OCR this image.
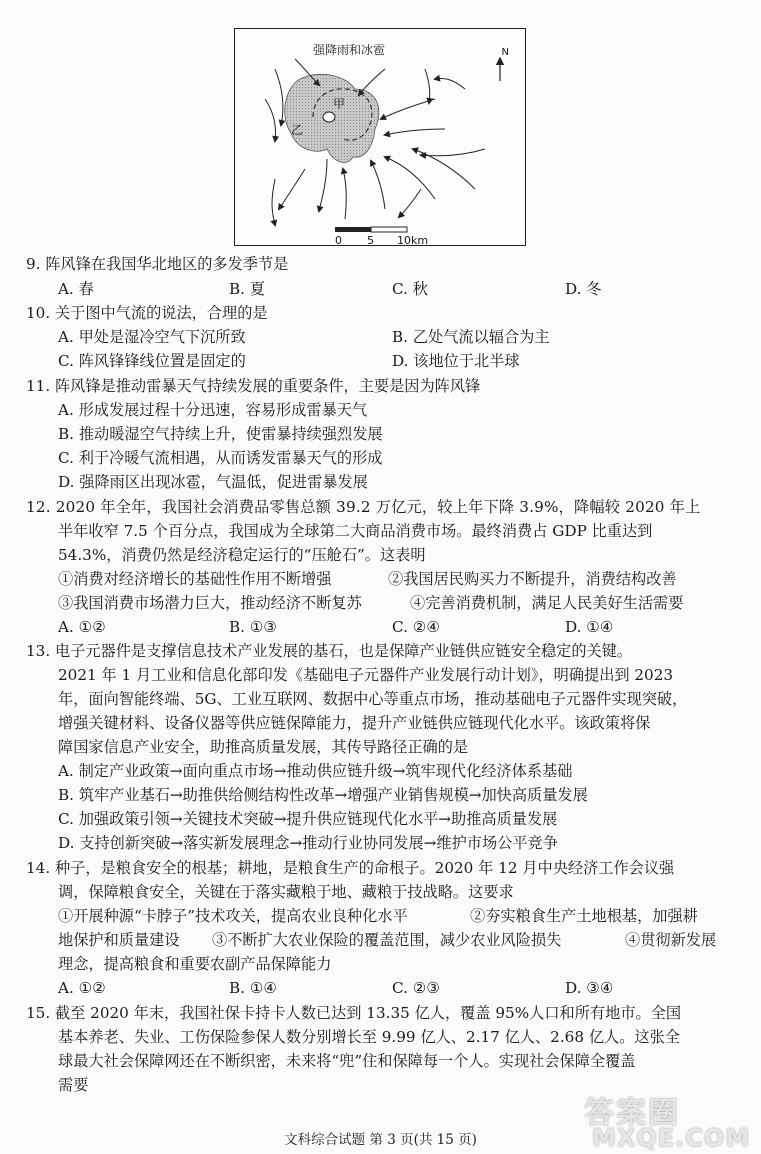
强降雨和冰雹	N
甲
乙
0 5 10km
9. 阵风锋在我国华北地区的多发季节是
A. 春	B. 夏	C. 秋	D. 冬
10. 关于图中气流的说法，合理的是
A. 甲处是湿冷空气下沉所致	B. 乙处气流以辐合为主
C. 阵风锋锋线位置是固定的	D. 该地位于北半球
11. 阵风锋是推动雷暴天气持续发展的重要条件，主要是因为阵风锋
A. 形成发展过程十分迅速，容易形成雷暴天气
B. 推动暖湿空气持续上升，使雷暴持续强烈发展
C. 利于冷暖气流相遇，从而诱发雷暴天气的形成
D. 强降雨区出现冰雹，气温低，促进雷暴发展
12. 2020 年全年，我国社会消费品零售总额 39.2 万亿元，较上年下降 3.9%，降幅较 2020 年上
半年收窄 7.5 个百分点，我国成为全球第二大商品消费市场。最终消费占 GDP 比重达到
54.3%，消费仍然是经济稳定运行的“压舱石”。这表明
①消费对经济增长的基础性作用不断增强	②我国居民购买力不断提升，消费结构改善
③我国消费市场潜力巨大，推动经济不断复苏	④完善消费机制，满足人民美好生活需要
A. ①②	B. ①③	C. ②④	D. ①④
13. 电子元器件是支撑信息技术产业发展的基石，也是保障产业链供应链安全稳定的关键。
2021 年 1 月工业和信息化部印发《基础电子元器件产业发展行动计划》，明确提出到 2023
年，面向智能终端、5G、工业互联网、数据中心等重点市场，推动基础电子元器件实现突破，
增强关键材料、设备仪器等供应链保障能力，提升产业链供应链现代化水平。该政策将保
障国家信息产业安全，助推高质量发展，其传导路径正确的是
A. 制定产业政策→面向重点市场→推动供应链升级→筑牢现代化经济体系基础
B. 筑牢产业基石→助推供给侧结构性改革→增强产业销售规模→加快高质量发展
C. 加强政策引领→关键技术突破→提升供应链现代化水平→助推高质量发展
D. 支持创新突破→落实新发展理念→推动行业协同发展→维护市场公平竞争
14. 种子，是粮食安全的根基；耕地，是粮食生产的命根子。2020 年 12 月中央经济工作会议强
调，保障粮食安全，关键在于落实藏粮于地、藏粮于技战略。这要求
①开展种源“卡脖子”技术攻关，提高农业良种化水平	②夯实粮食生产土地根基，加强耕
地保护和质量建设 ③不断扩大农业保险的覆盖范围，减少农业风险损失	④贯彻新发展
理念，提高粮食和重要农副产品保障能力
A. ①②	B. ①④	C. ②③	D. ③④
15. 截至 2020 年末，我国社保卡持卡人数已达到 13.35 亿人，覆盖 95%人口和所有地市。全国
基本养老、失业、工伤保险参保人数分别增长至 9.99 亿人、2.17 亿人、2.68 亿人。这张全
球最大社会保障网还在不断织密，未来将“兜”住和保障每一个人。实现社会保障全覆盖
需要
文科综合试题 第 3 页(共 15 页)
答案圈
MXQE.COM
